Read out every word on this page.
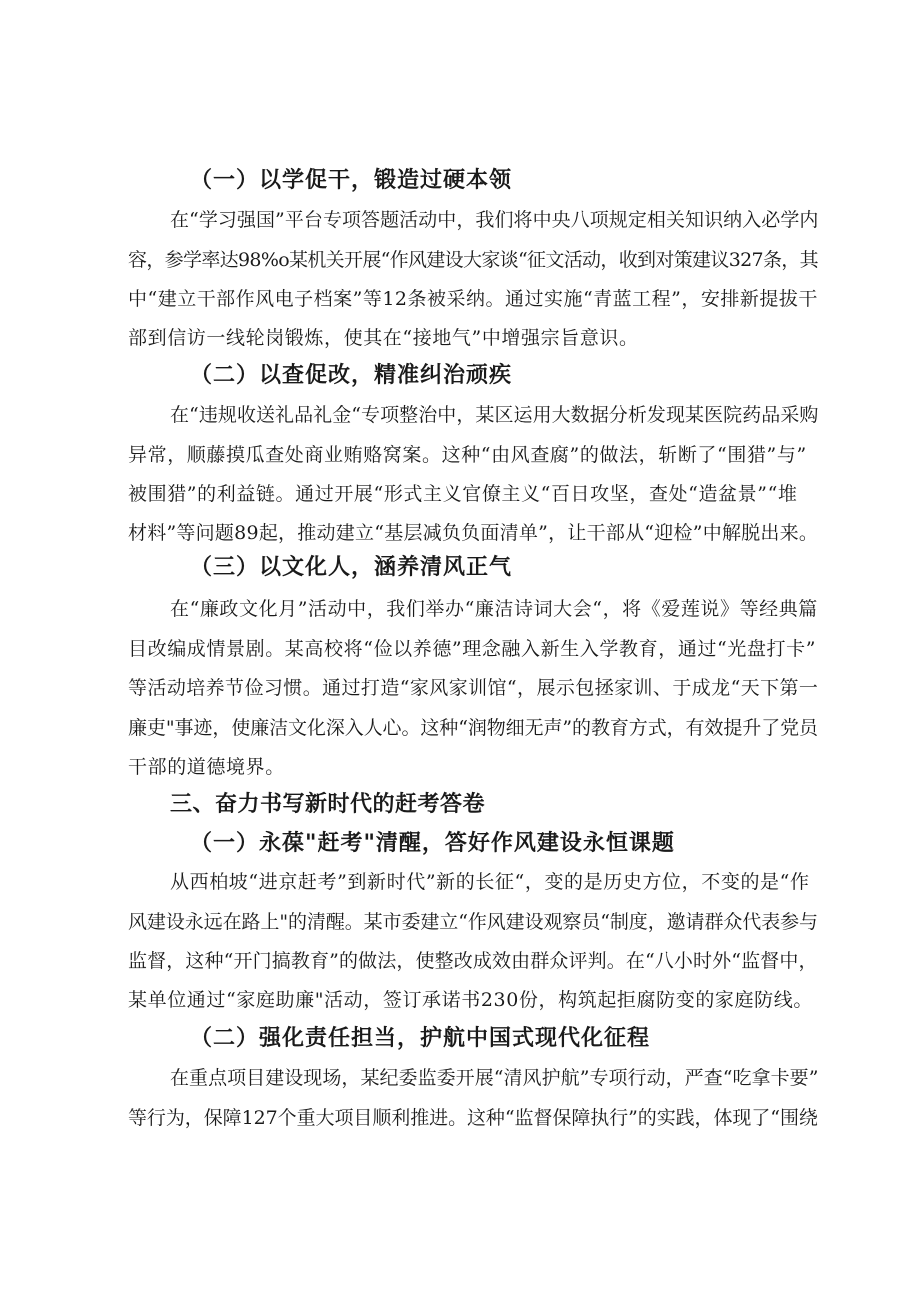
（一）以学促干，锻造过硬本领
在“学习强国”平台专项答题活动中，我们将中央八项规定相关知识纳入必学内
容，参学率达98%o某机关开展“作风建设大家谈“征文活动，收到对策建议327条，其
中“建立干部作风电子档案”等12条被采纳。通过实施“青蓝工程”，安排新提拔干
部到信访一线轮岗锻炼，使其在“接地气”中增强宗旨意识。
（二）以查促改，精准纠治顽疾
在“违规收送礼品礼金“专项整治中，某区运用大数据分析发现某医院药品采购
异常，顺藤摸瓜查处商业贿赂窝案。这种“由风查腐”的做法，斩断了“围猎”与”
被围猎”的利益链。通过开展“形式主义官僚主义“百日攻坚，查处“造盆景”“堆
材料”等问题89起，推动建立“基层减负负面清单”，让干部从“迎检”中解脱出来。
（三）以文化人，涵养清风正气
在“廉政文化月”活动中，我们举办“廉洁诗词大会“，将《爱莲说》等经典篇
目改编成情景剧。某高校将“俭以养德”理念融入新生入学教育，通过“光盘打卡”
等活动培养节俭习惯。通过打造“家风家训馆“，展示包拯家训、于成龙“天下第一
廉吏"事迹，使廉洁文化深入人心。这种“润物细无声”的教育方式，有效提升了党员
干部的道德境界。
三、奋力书写新时代的赶考答卷
（一）永葆"赶考"清醒，答好作风建设永恒课题
从西柏坡“进京赶考”到新时代”新的长征“，变的是历史方位，不变的是“作
风建设永远在路上"的清醒。某市委建立“作风建设观察员“制度，邀请群众代表参与
监督，这种“开门搞教育”的做法，使整改成效由群众评判。在“八小时外“监督中，
某单位通过“家庭助廉"活动，签订承诺书230份，构筑起拒腐防变的家庭防线。
（二）强化责任担当，护航中国式现代化征程
在重点项目建设现场，某纪委监委开展“清风护航”专项行动，严查“吃拿卡要”
等行为，保障127个重大项目顺利推进。这种“监督保障执行”的实践，体现了“围绕
